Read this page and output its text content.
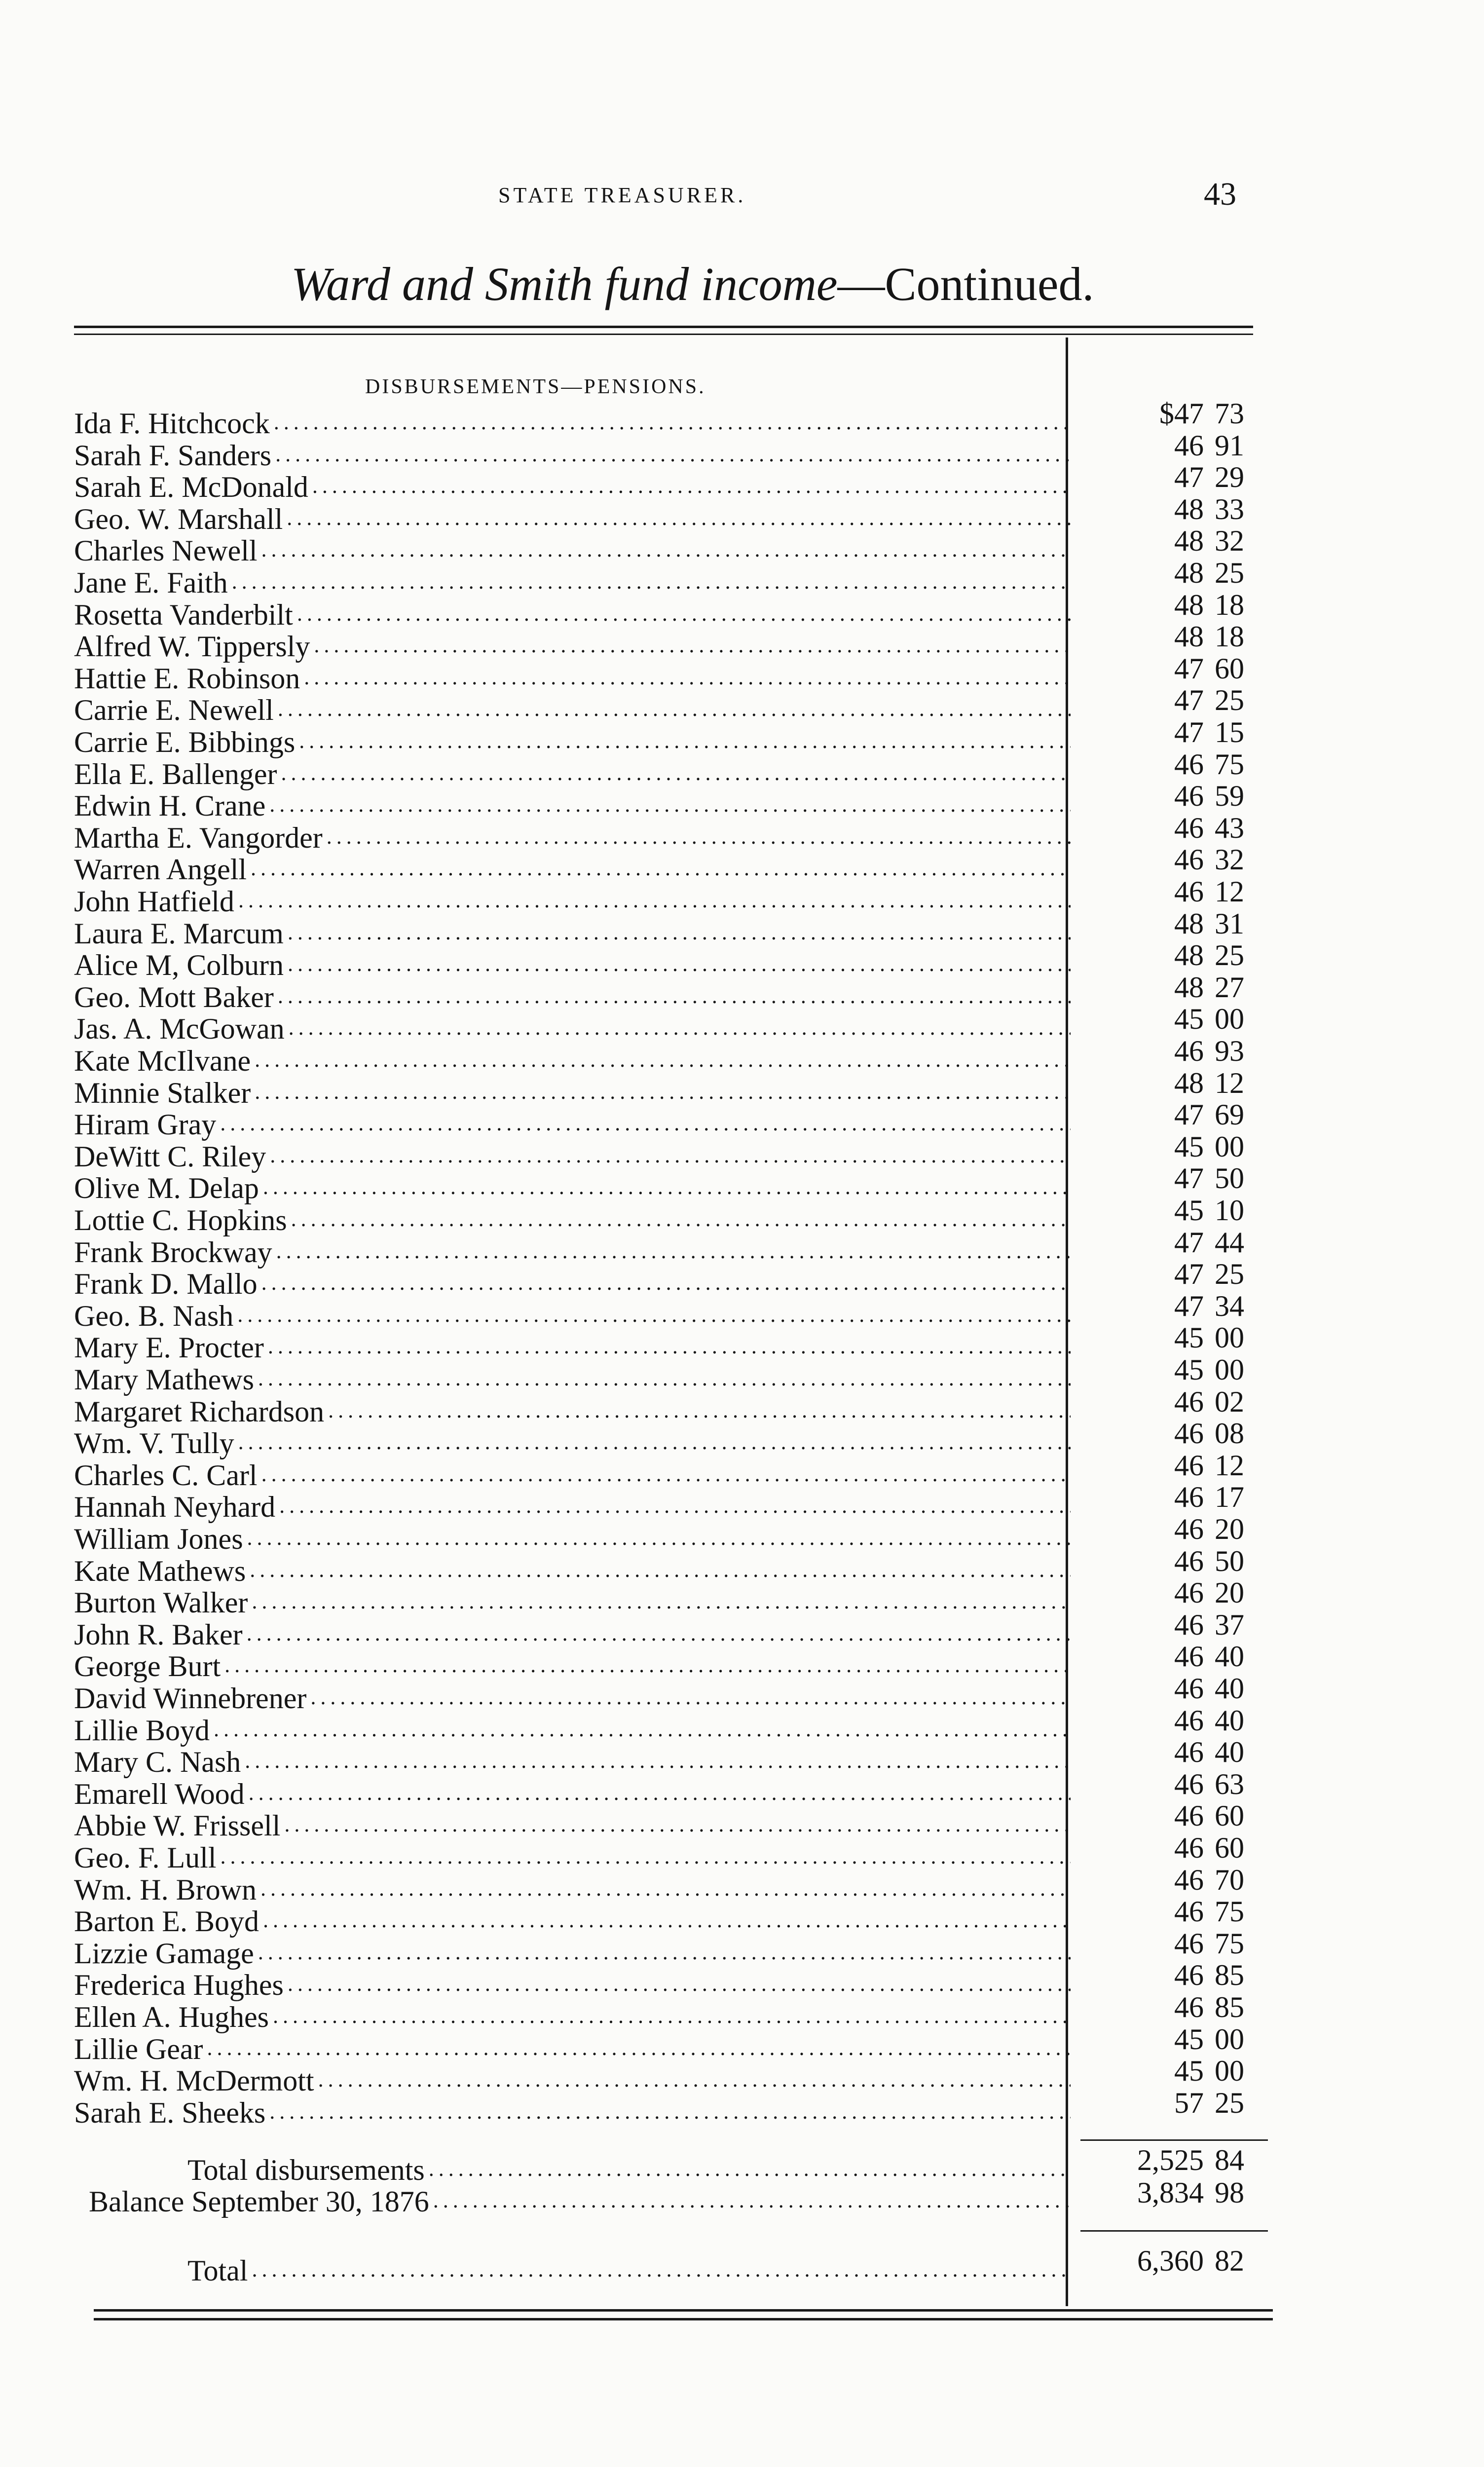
STATE TREASURER.	43
Ward and Smith fund income—Continued.
DISBURSEMENTS—PENSIONS.
Ida F. Hitchcock .....	$47 73
Sarah F. Sanders .....	46 91
Sarah E. McDonald .....	47 29
Geo. W. Marshall .....	48 33
Charles Newell .....	48 32
Jane E. Faith .....	48 25
Rosetta Vanderbilt .....	48 18
Alfred W. Tippersly .....	48 18
Hattie E. Robinson .....	47 60
Carrie E. Newell .....	47 25
Carrie E. Bibbings .....	47 15
Ella E. Ballenger .....	46 75
Edwin H. Crane .....	46 59
Martha E. Vangorder .....	46 43
Warren Angell .....	46 32
John Hatfield .....	46 12
Laura E. Marcum .....	48 31
Alice M, Colburn .....	48 25
Geo. Mott Baker .....	48 27
Jas. A. McGowan .....	45 00
Kate McIlvane .....	46 93
Minnie Stalker .....	48 12
Hiram Gray .....	47 69
DeWitt C. Riley .....	45 00
Olive M. Delap .....	47 50
Lottie C. Hopkins .....	45 10
Frank Brockway .....	47 44
Frank D. Mallo .....	47 25
Geo. B. Nash .....	47 34
Mary E. Procter .....	45 00
Mary Mathews .....	45 00
Margaret Richardson .....	46 02
Wm. V. Tully .....	46 08
Charles C. Carl .....	46 12
Hannah Neyhard .....	46 17
William Jones .....	46 20
Kate Mathews .....	46 50
Burton Walker .....	46 20
John R. Baker .....	46 37
George Burt .....	46 40
David Winnebrener .....	46 40
Lillie Boyd .....	46 40
Mary C. Nash .....	46 40
Emarell Wood .....	46 63
Abbie W. Frissell .....	46 60
Geo. F. Lull .....	46 60
Wm. H. Brown .....	46 70
Barton E. Boyd .....	46 75
Lizzie Gamage .....	46 75
Frederica Hughes .....	46 85
Ellen A. Hughes .....	46 85
Lillie Gear .....	45 00
Wm. H. McDermott .....	45 00
Sarah E. Sheeks .....	57 25
Total disbursements .....	2,525 84
Balance September 30, 1876 .....	3,834 98
Total .....	6,360 82
